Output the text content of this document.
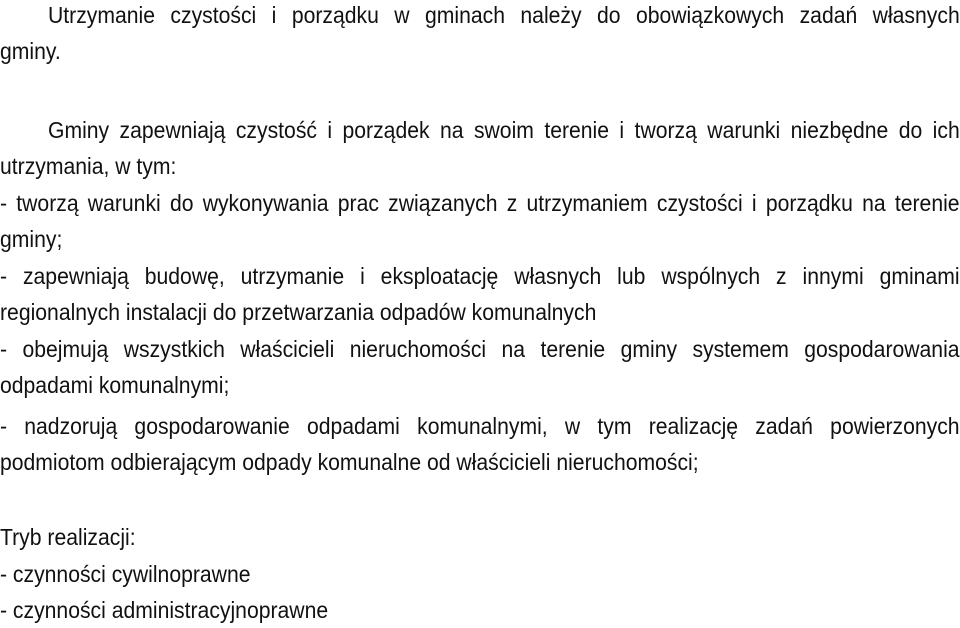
Utrzymanie czystości i porządku w gminach należy do obowiązkowych zadań własnych
gminy.
Gminy zapewniają czystość i porządek na swoim terenie i tworzą warunki niezbędne do ich
utrzymania, w tym:
- tworzą warunki do wykonywania prac związanych z utrzymaniem czystości i porządku na terenie
gminy;
- zapewniają budowę, utrzymanie i eksploatację własnych lub wspólnych z innymi gminami
regionalnych instalacji do przetwarzania odpadów komunalnych
- obejmują wszystkich właścicieli nieruchomości na terenie gminy systemem gospodarowania
odpadami komunalnymi;
- nadzorują gospodarowanie odpadami komunalnymi, w tym realizację zadań powierzonych
podmiotom odbierającym odpady komunalne od właścicieli nieruchomości;
Tryb realizacji:
- czynności cywilnoprawne
- czynności administracyjnoprawne
